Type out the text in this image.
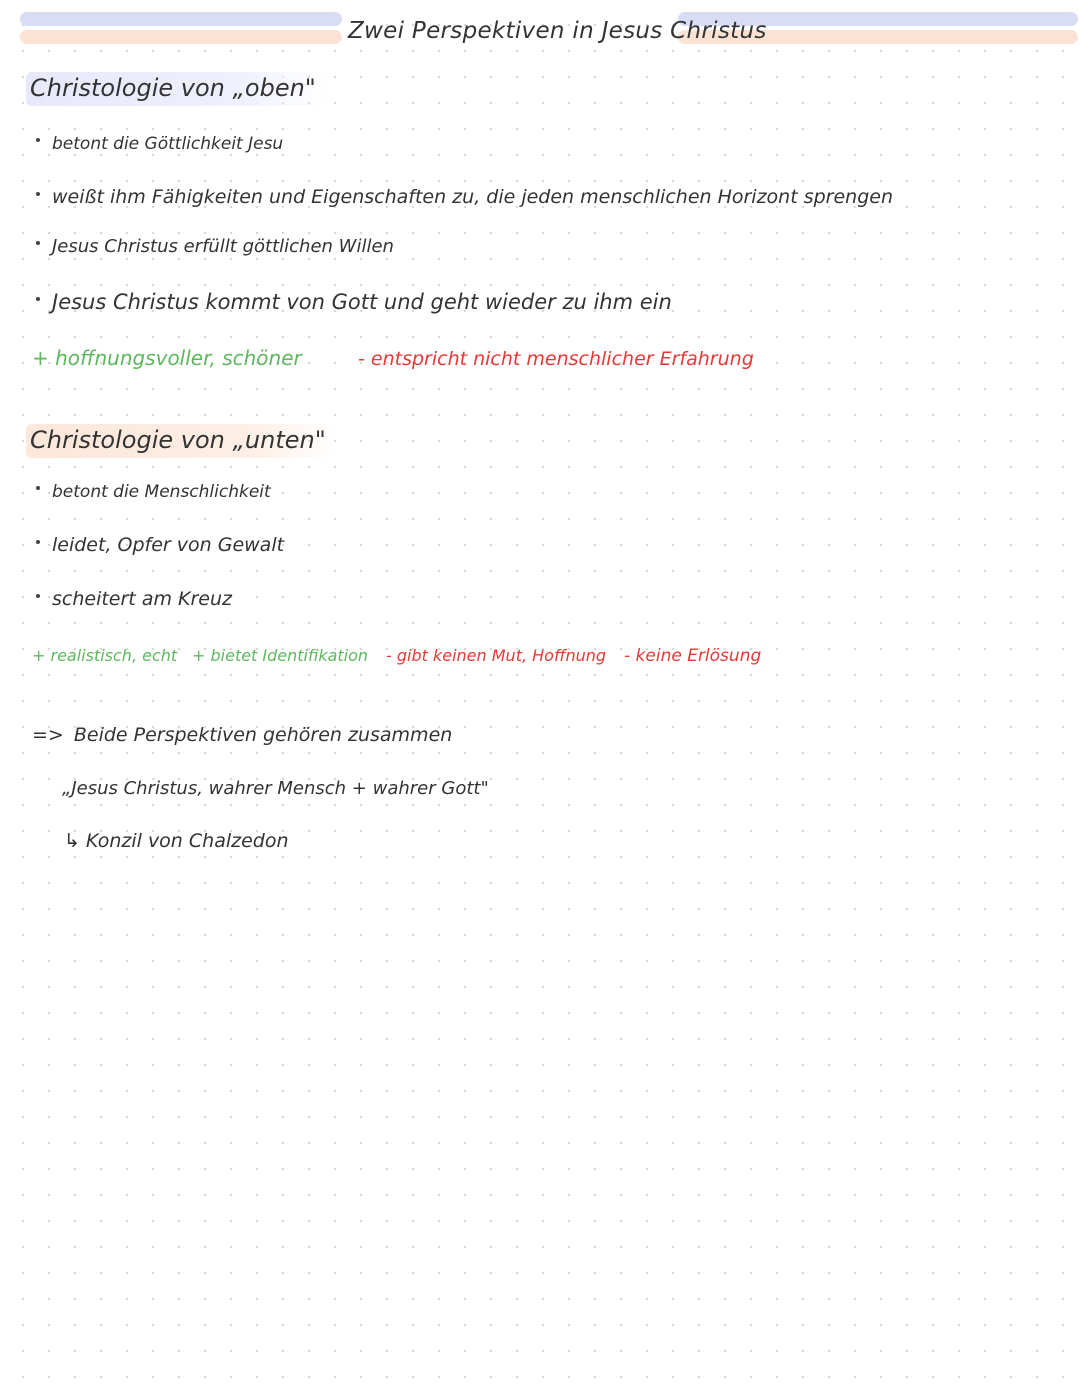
Zwei Perspektiven in Jesus Christus
Christologie von „oben"
betont die Göttlichkeit Jesu
weißt ihm Fähigkeiten und Eigenschaften zu, die jeden menschlichen Horizont sprengen
Jesus Christus erfüllt göttlichen Willen
Jesus Christus kommt von Gott und geht wieder zu ihm ein
+ hoffnungsvoller, schöner	- entspricht nicht menschlicher Erfahrung
Christologie von „unten"
betont die Menschlichkeit
leidet, Opfer von Gewalt
scheitert am Kreuz
+ realistisch, echt + bietet Identifikation - gibt keinen Mut, Hoffnung - keine Erlösung
=> Beide Perspektiven gehören zusammen
„Jesus Christus, wahrer Mensch + wahrer Gott"
↳ Konzil von Chalzedon
